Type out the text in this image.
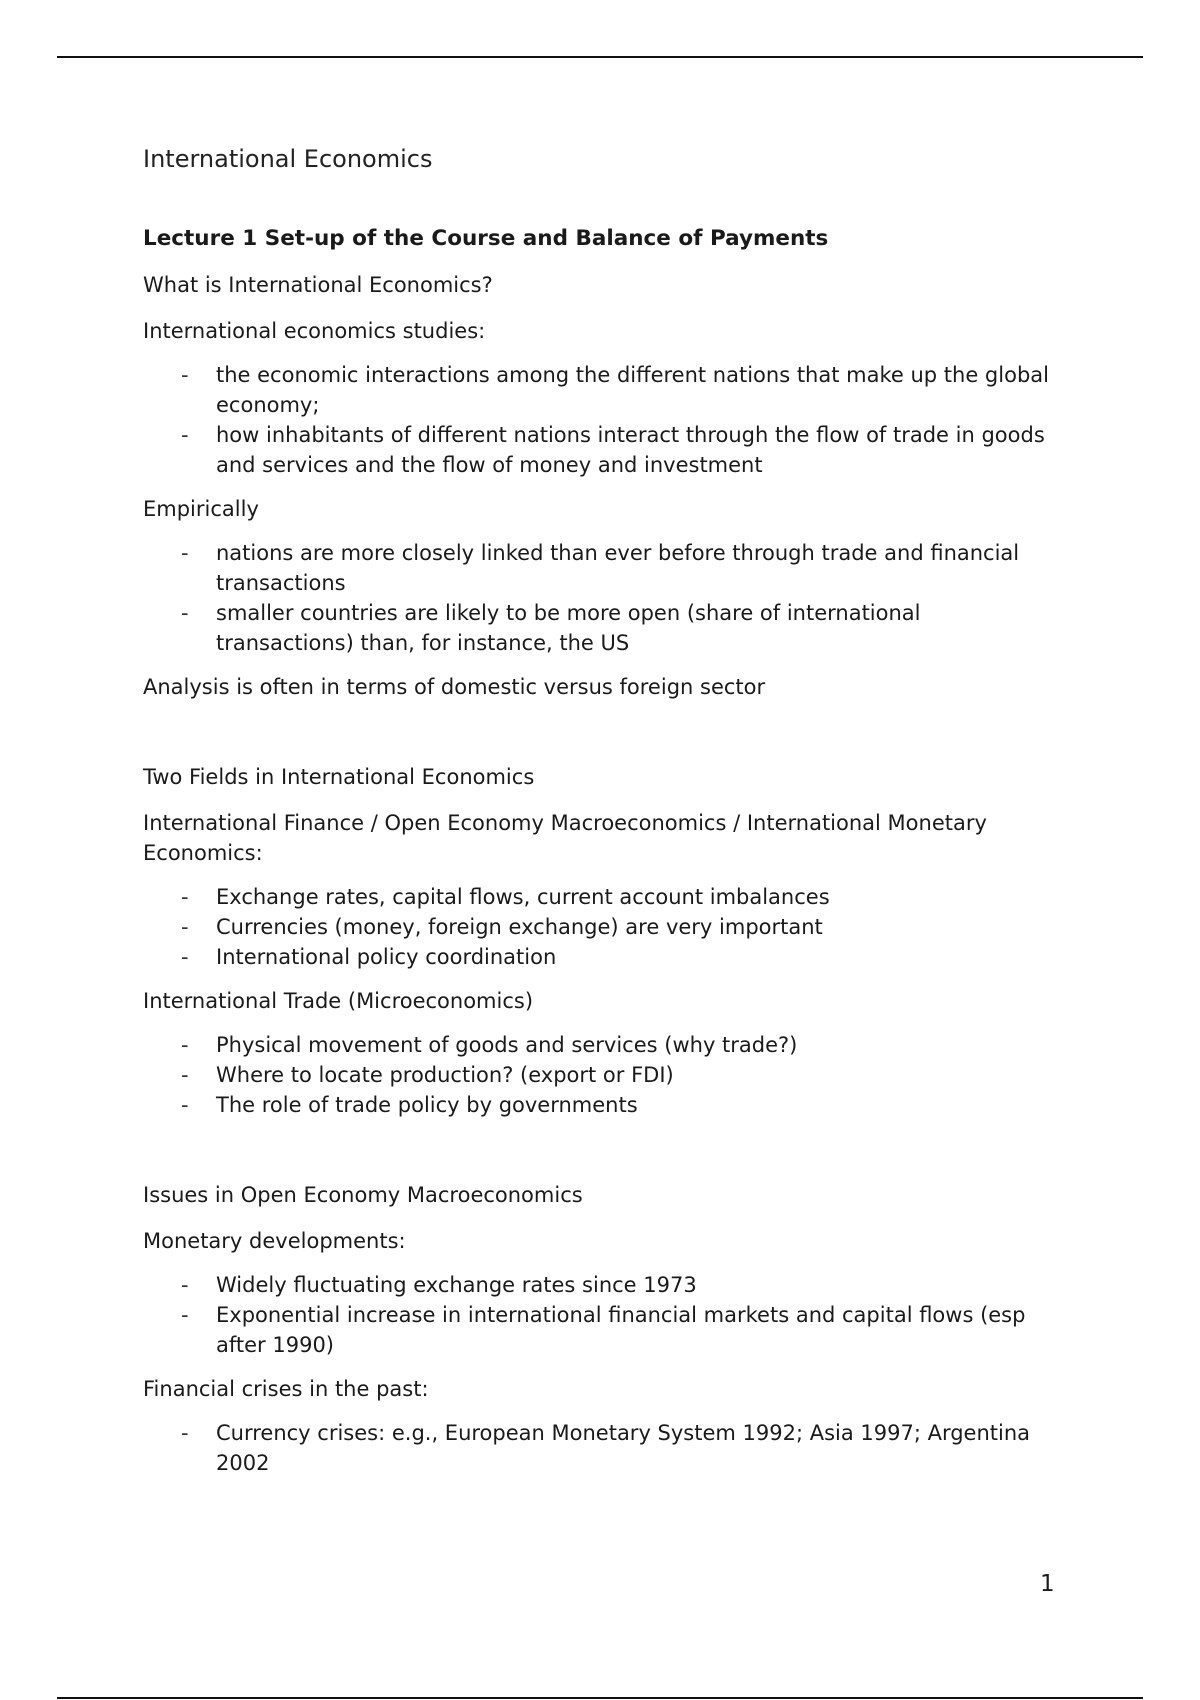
International Economics
Lecture 1 Set-up of the Course and Balance of Payments

What is International Economics?

International economics studies:

- the economic interactions among the different nations that make up the global economy;
- how inhabitants of different nations interact through the flow of trade in goods and services and the flow of money and investment

Empirically

- nations are more closely linked than ever before through trade and financial transactions
- smaller countries are likely to be more open (share of international transactions) than, for instance, the US

Analysis is often in terms of domestic versus foreign sector

Two Fields in International Economics

International Finance / Open Economy Macroeconomics / International Monetary Economics:

- Exchange rates, capital flows, current account imbalances
- Currencies (money, foreign exchange) are very important
- International policy coordination

International Trade (Microeconomics)

- Physical movement of goods and services (why trade?)
- Where to locate production? (export or FDI)
- The role of trade policy by governments

Issues in Open Economy Macroeconomics

Monetary developments:

- Widely fluctuating exchange rates since 1973
- Exponential increase in international financial markets and capital flows (esp after 1990)

Financial crises in the past:

- Currency crises: e.g., European Monetary System 1992; Asia 1997; Argentina 2002
1
